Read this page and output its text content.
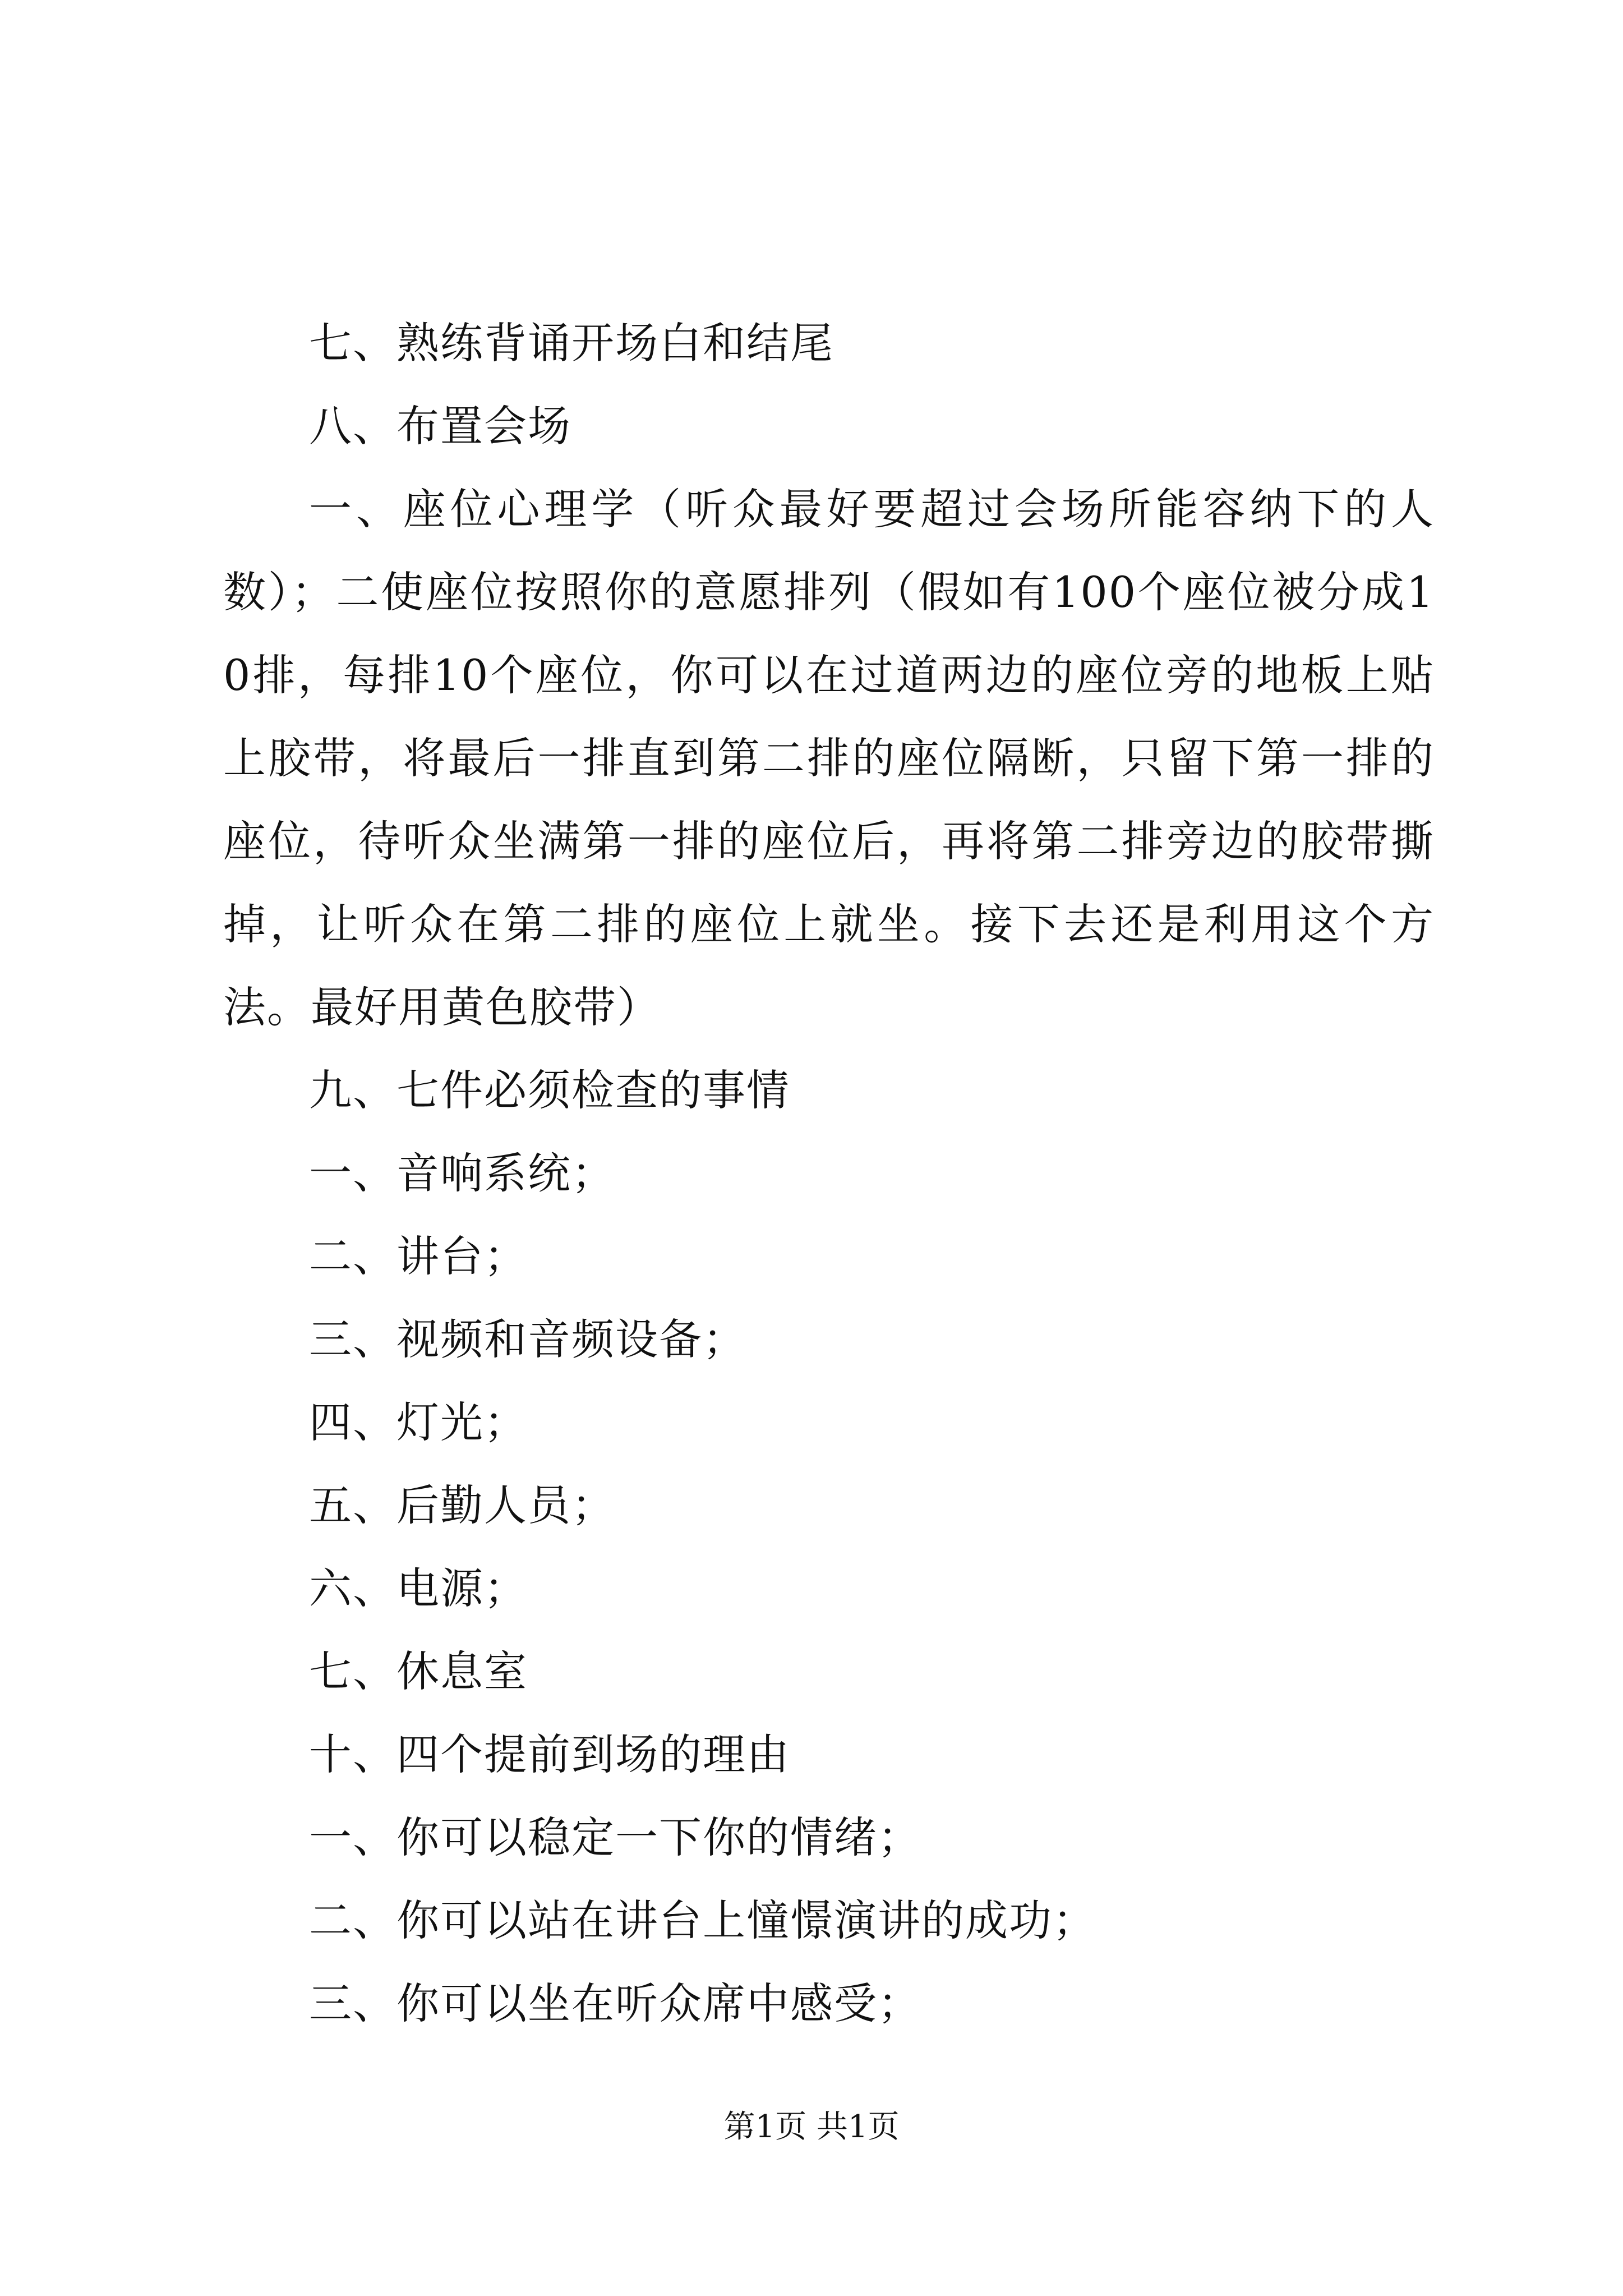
七、熟练背诵开场白和结尾
八、布置会场
一、座位心理学（听众最好要超过会场所能容纳下的人数）；二使座位按照你的意愿排列（假如有100个座位被分成10排，每排10个座位，你可以在过道两边的座位旁的地板上贴上胶带，将最后一排直到第二排的座位隔断，只留下第一排的座位，待听众坐满第一排的座位后，再将第二排旁边的胶带撕掉，让听众在第二排的座位上就坐。接下去还是利用这个方法。最好用黄色胶带）
九、七件必须检查的事情
一、音响系统；
二、讲台；
三、视频和音频设备；
四、灯光；
五、后勤人员；
六、电源；
七、休息室
十、四个提前到场的理由
一、你可以稳定一下你的情绪；
二、你可以站在讲台上憧憬演讲的成功；
三、你可以坐在听众席中感受；
第1页 共1页
